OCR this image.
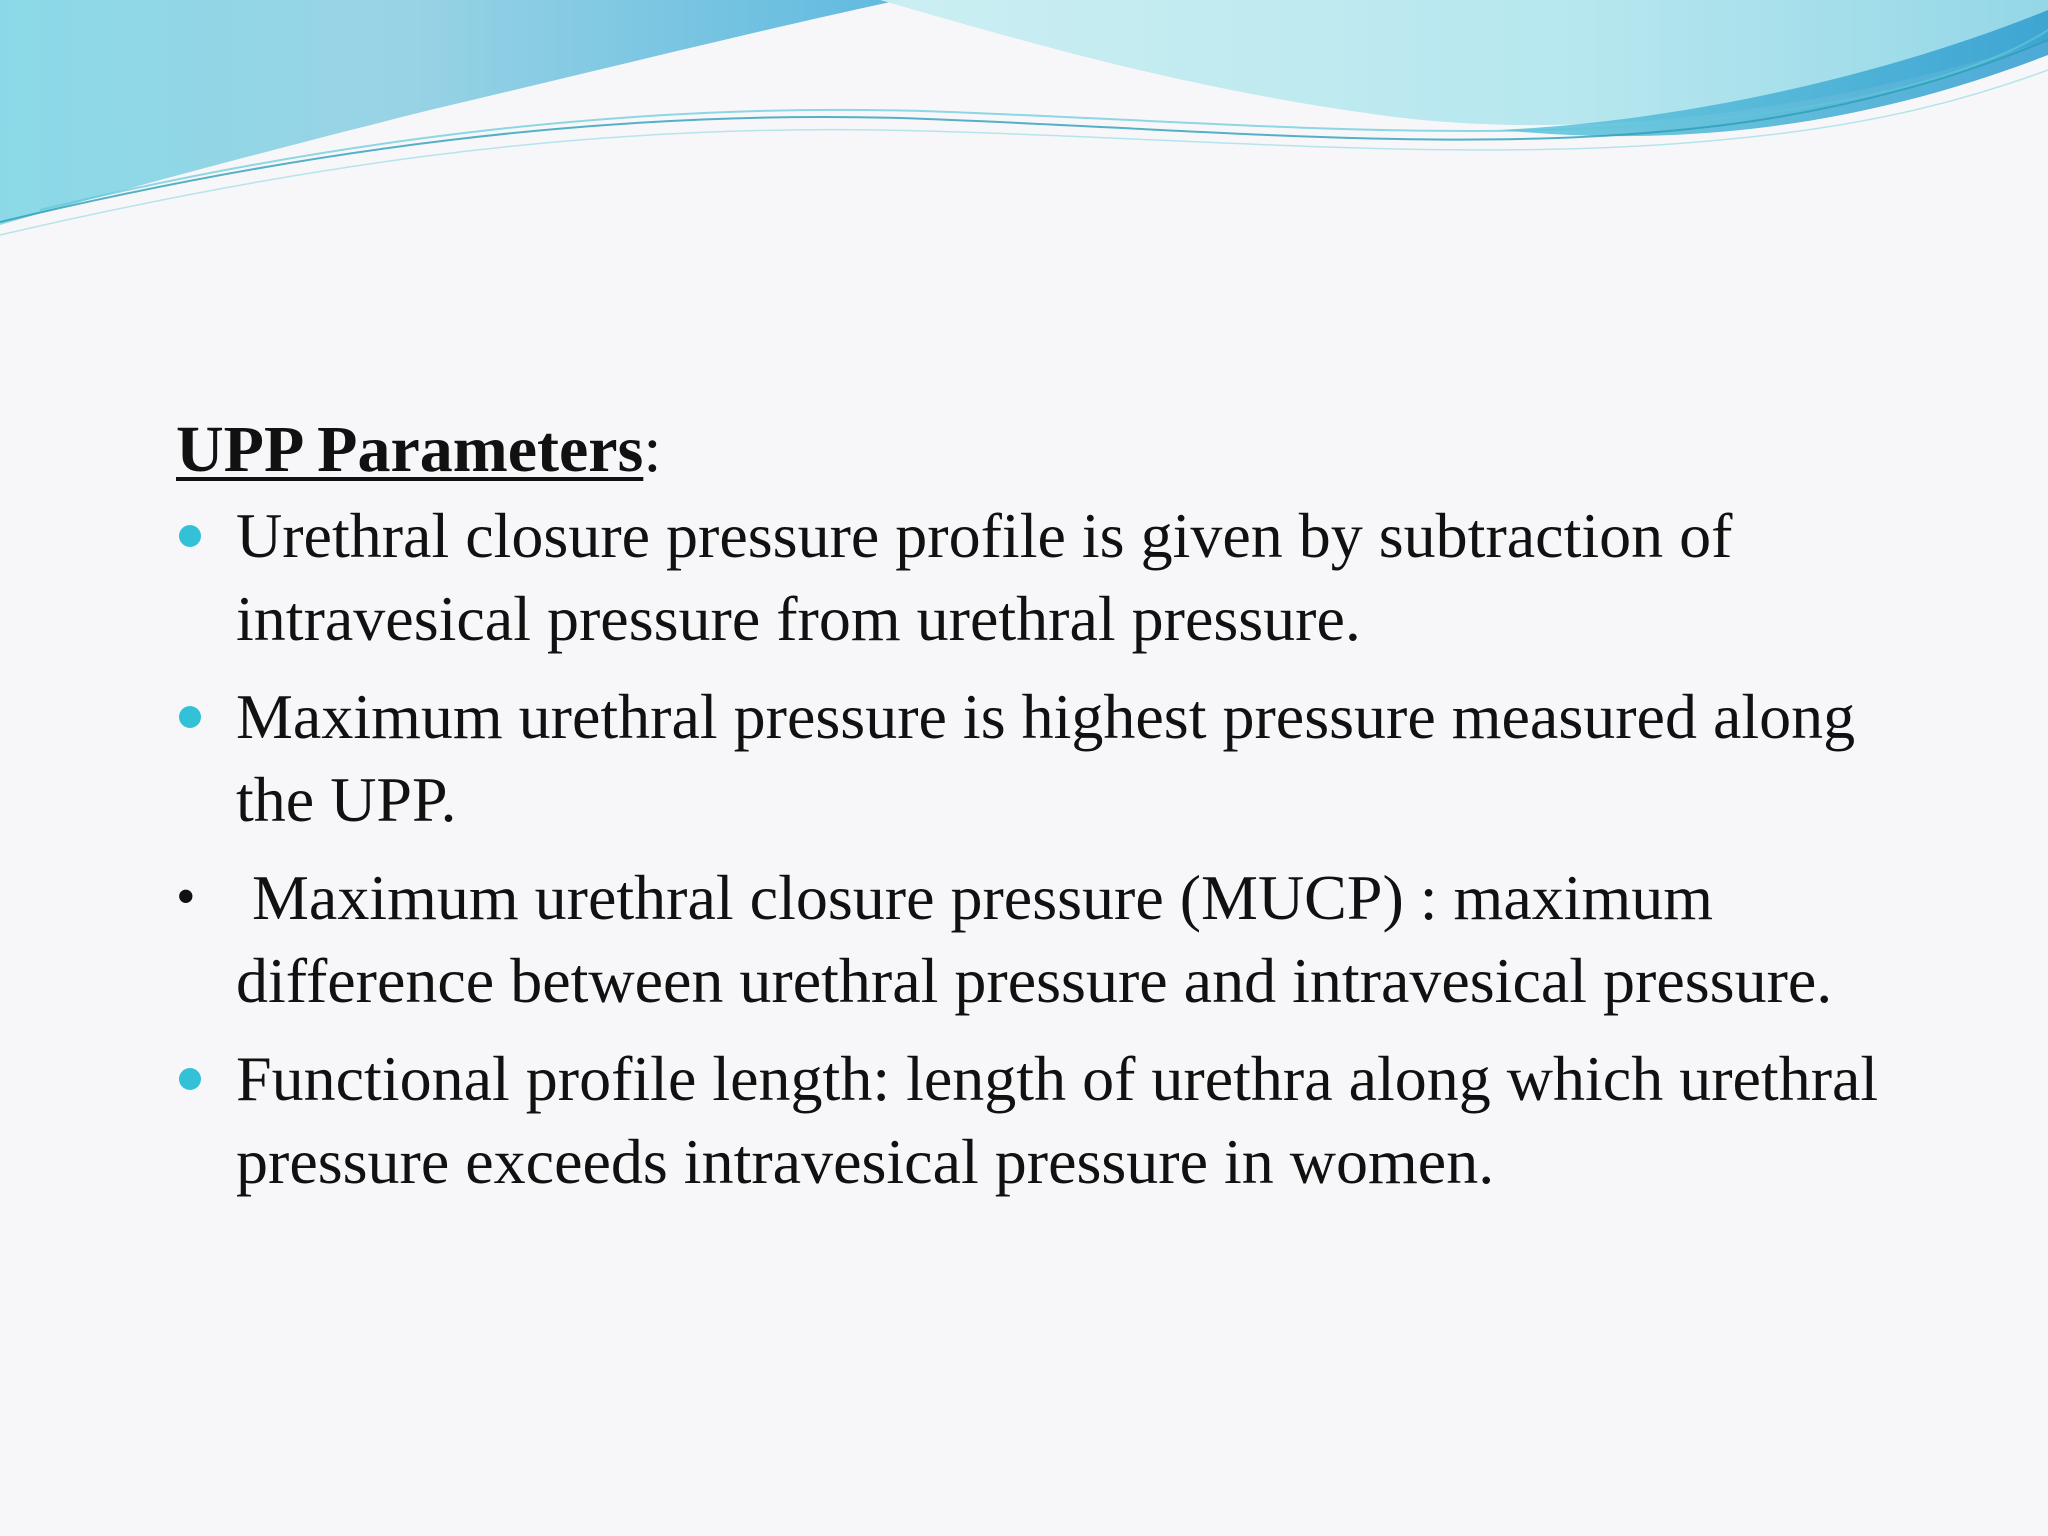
UPP Parameters:
Urethral closure pressure profile is given by subtraction of intravesical pressure from urethral pressure.
Maximum urethral pressure is highest pressure measured along the UPP.
• Maximum urethral closure pressure (MUCP) : maximum difference between urethral pressure and intravesical pressure.
Functional profile length: length of urethra along which urethral pressure exceeds intravesical pressure in women.
